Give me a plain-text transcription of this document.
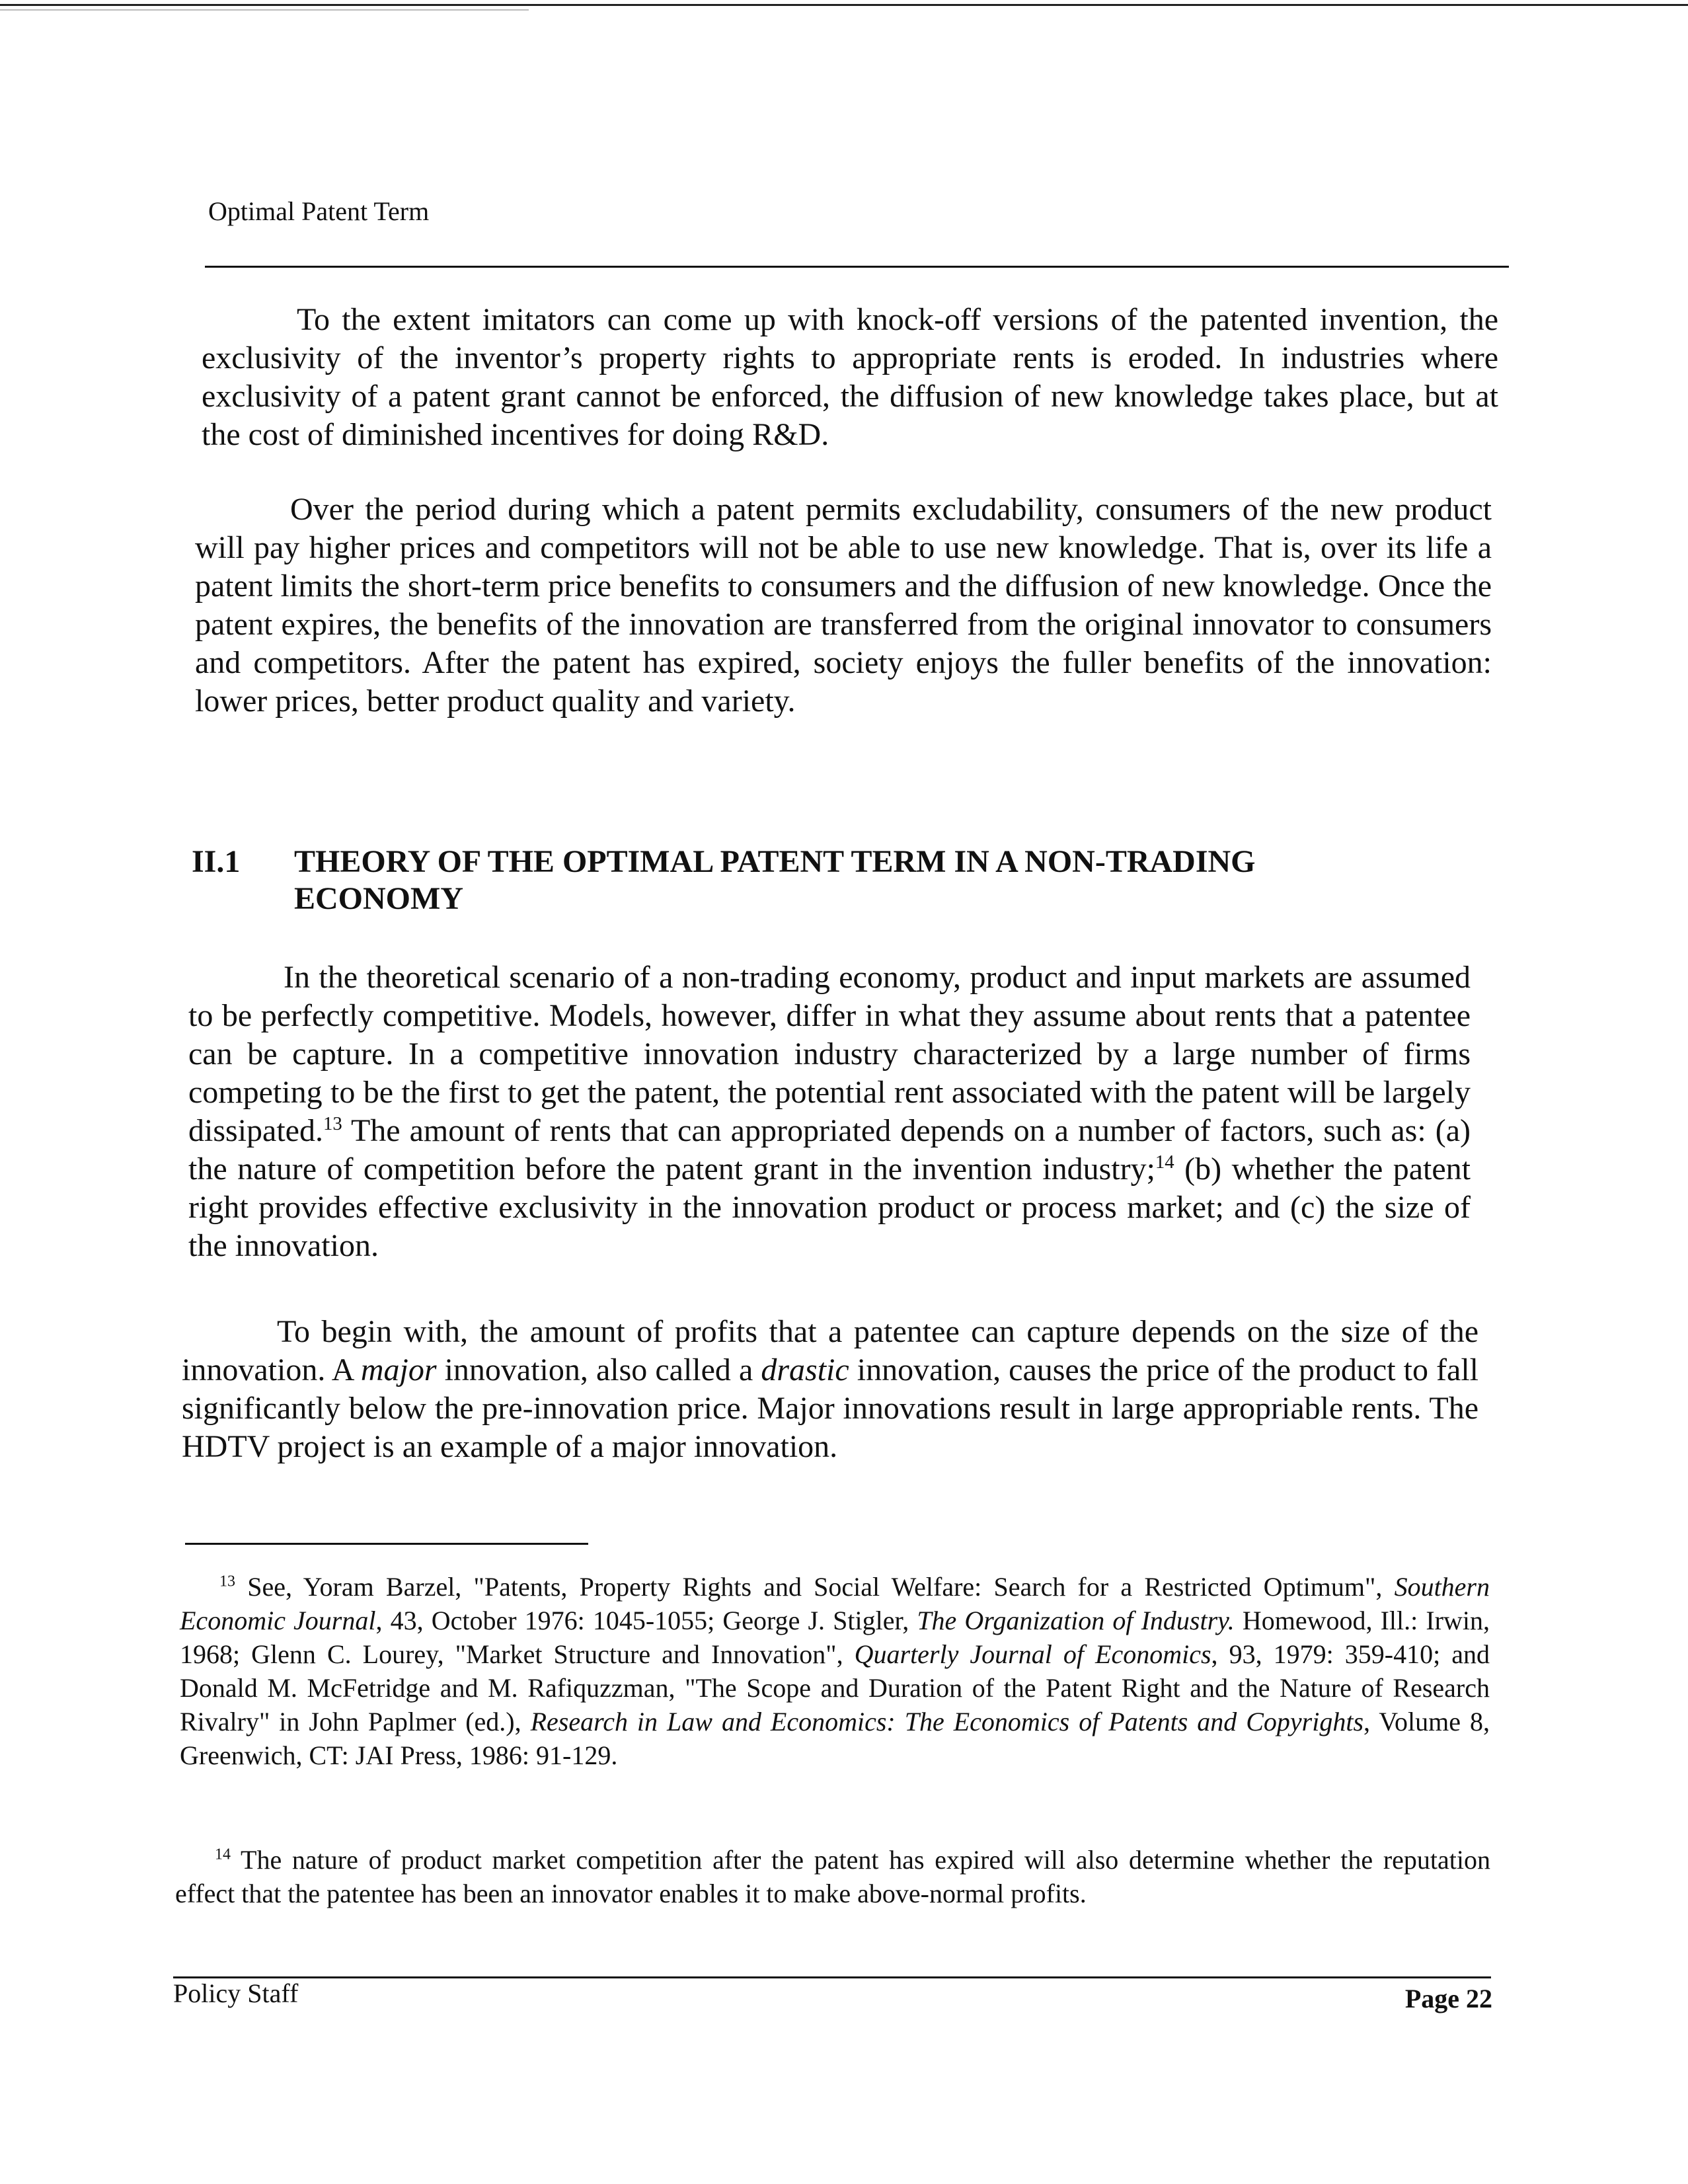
Optimal Patent Term

To the extent imitators can come up with knock-off versions of the patented invention, the exclusivity of the inventor’s property rights to appropriate rents is eroded. In industries where exclusivity of a patent grant cannot be enforced, the diffusion of new knowledge takes place, but at the cost of diminished incentives for doing R&D.

Over the period during which a patent permits excludability, consumers of the new product will pay higher prices and competitors will not be able to use new knowledge. That is, over its life a patent limits the short-term price benefits to consumers and the diffusion of new knowledge. Once the patent expires, the benefits of the innovation are transferred from the original innovator to consumers and competitors. After the patent has expired, society enjoys the fuller benefits of the innovation: lower prices, better product quality and variety.

II.1 THEORY OF THE OPTIMAL PATENT TERM IN A NON-TRADING
ECONOMY

In the theoretical scenario of a non-trading economy, product and input markets are assumed to be perfectly competitive. Models, however, differ in what they assume about rents that a patentee can be capture. In a competitive innovation industry characterized by a large number of firms competing to be the first to get the patent, the potential rent associated with the patent will be largely dissipated.$^{13}$ The amount of rents that can appropriated depends on a number of factors, such as: (a) the nature of competition before the patent grant in the invention industry;$^{14}$ (b) whether the patent right provides effective exclusivity in the innovation product or process market; and (c) the size of the innovation.

To begin with, the amount of profits that a patentee can capture depends on the size of the innovation. A major innovation, also called a drastic innovation, causes the price of the product to fall significantly below the pre-innovation price. Major innovations result in large appropriable rents. The HDTV project is an example of a major innovation.

$^{13}$ See, Yoram Barzel, "Patents, Property Rights and Social Welfare: Search for a Restricted Optimum", Southern Economic Journal, 43, October 1976: 1045-1055; George J. Stigler, The Organization of Industry. Homewood, Ill.: Irwin, 1968; Glenn C. Lourey, "Market Structure and Innovation", Quarterly Journal of Economics, 93, 1979: 359-410; and Donald M. McFetridge and M. Rafiquzzman, "The Scope and Duration of the Patent Right and the Nature of Research Rivalry" in John Paplmer (ed.), Research in Law and Economics: The Economics of Patents and Copyrights, Volume 8, Greenwich, CT: JAI Press, 1986: 91-129.

$^{14}$ The nature of product market competition after the patent has expired will also determine whether the reputation effect that the patentee has been an innovator enables it to make above-normal profits.

Policy Staff	Page 22
